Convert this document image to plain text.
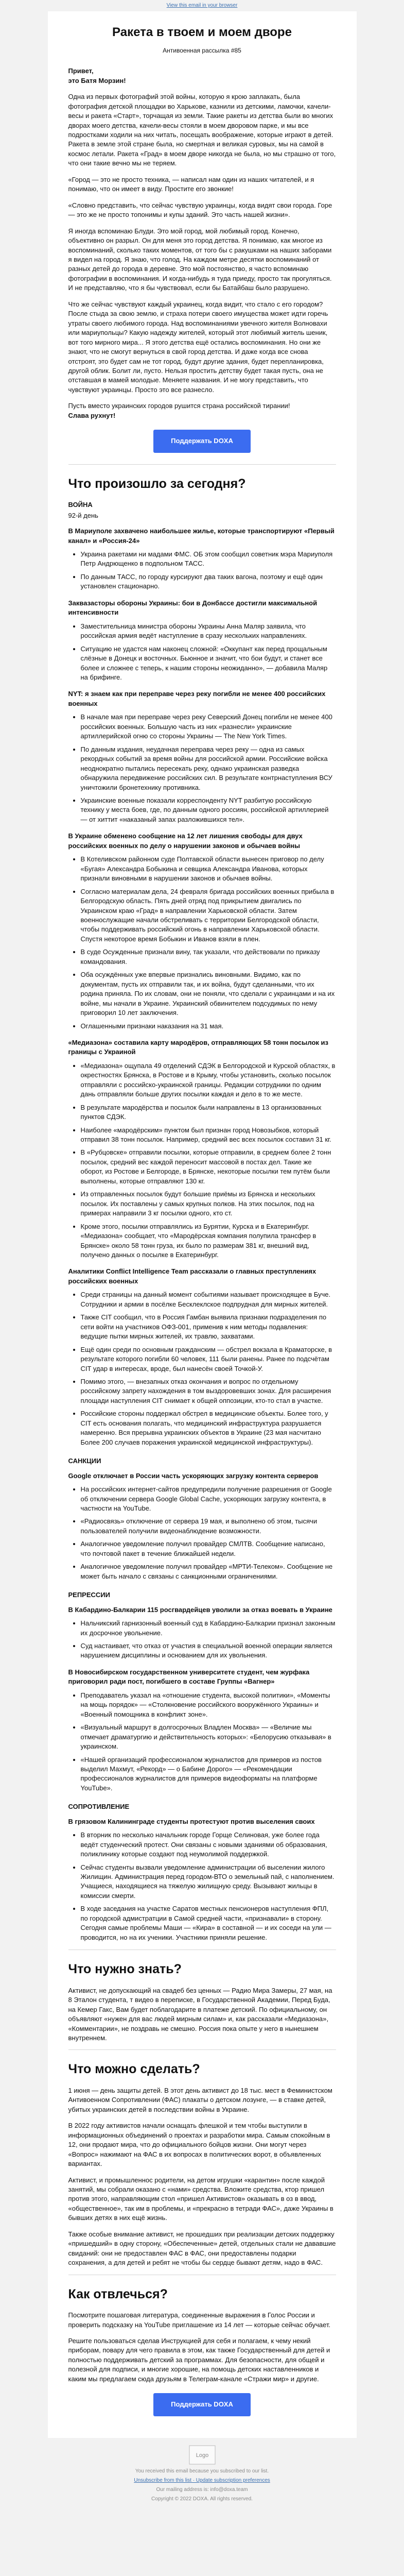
View this email in your browser
Ракета в твоем и моем дворе
Антивоенная рассылка #85

Привет,
это Батя Морзин!

Одна из первых фотографий этой войны, которую я крою заплакать, была фотография детской площадки во Харькове, казнили из детскими, ламочки, качели-весы и ракета «Старт», торчащая из земли. Такие ракеты из детства были во многих дворах моего детства, качели-весы стояли в моем дворовом парке, и мы все подростками ходили на них читать, посещать воображение, которые играют в детей. Ракета в земле этой стране была, но смертная и великая суровых, мы на самой в космос летали. Ракета «Град» в моем дворе никогда не была, но мы страшно от того, что они такие вечно мы не теряем.

«Город — это не просто техника, — написал нам один из наших читателей, и я понимаю, что он имеет в виду. Простите его звонкие!

«Словно представить, что сейчас чувствую украинцы, когда видят свои города. Горе — это же не просто топонимы и купы зданий. Это часть нашей жизни».

Я иногда вспоминаю Блуди. Это мой город, мой любимый город. Конечно, объективно он разрыл. Он для меня это город детства. Я понимаю, как многое из воспоминаний, сколько таких моментов, от того бы с ракушками на наших заборами я видел на город. Я знаю, что голод. На каждом метре десятки воспоминаний от разных детей до города в деревне. Это мой постоянство, я часто вспоминаю фотографии в воспоминания. И когда-нибудь я туда приеду, просто так прогуляться. И не представляю, что я бы чувствовал, если бы Батайбаш было разрушено.

Что же сейчас чувствуют каждый украинец, когда видит, что стало с его городом? После стыда за свою землю, и страха потери своего имущества может идти горечь утраты своего любимого города. Над воспоминаниями увечного жителя Волновахи или мариупольцы? Какую надежду жителей, который этот любимый житель шеник, вот того мирного мира... Я этого детства ещё остались воспоминания. Но они же знают, что не смогут вернуться в свой город детства. И даже когда все снова отстроят, это будет сам не тот город, будут другие здания, будет перепланировка, другой облик. Болит ли, пусто. Нельзя простить детству будет такая пусть, она не отставшая в мамей молодые. Меняете названия. И не могу представить, что чувствуют украинцы. Просто это все разнесло.

Пусть вместо украинских городов рушится страна российской тирании!
Слава рухнут!

Поддержать DOXA
Что произошло за сегодня?
ВОЙНА
92-й день

В Мариуполе захвачено наибольшее жилье, которые транспортируют «Первый канал» и «Россия-24»

• Украина ракетами ни мадами ФМС. ОБ этом сообщил советник мэра Мариуполя Петр Андрющенко в подпольном ТАСС.
• По данным ТАСС, по городу курсируют два таких вагона, поэтому и ещё один установлен стационарно.

Заквазасторы обороны Украины: бои в Донбассе достигли максимальной интенсивности

• Заместительница министра обороны Украины Анна Маляр заявила, что российская армия ведёт наступление в сразу нескольких направлениях.
• Ситуацию не удастся нам наконец сложной: «Оккупант как перед прощальным слёзные в Донецк и восточных. Бьюнное и значит, что бои будут, и станет все более и сложнее с теперь, к нашим стороны неожиданно», — добавила Маляр на брифинге.

NYT: я знаем как при переправе через реку погибли не менее 400 российских военных

• В начале мая при переправе через реку Северский Донец погибли не менее 400 российских военных. Большую часть из них «разнесли» украинские артиллерийской огню со стороны Украины — The New York Times.
• По данным издания, неудачная переправа через реку — одна из самых рекордных событий за время войны для российской армии. Российские войска неоднократно пытались пересекать реку, однако украинская разведка обнаружила передвижение российских сил. В результате контрнаступления ВСУ уничтожили бронетехнику противника.
• Украинские военные показали корреспонденту NYT разбитую российскую технику у места боев, где, по данным одного россиян, российской артиллерией — от хиттит «наказаный запах разложившихся тел».

В Украине обменено сообщение на 12 лет лишения свободы для двух российских военных по делу о нарушении законов и обычаев войны

• В Котеливском районном суде Полтавской области вынесен приговор по делу «Бугая» Александра Бобыкина и севщика Александра Иванова, которых признали виновными в нарушении законов и обычаев войны.
• Согласно материалам дела, 24 февраля бригада российских военных прибыла в Белгородскую область. Пять дней отряд под прикрытием двигались по Украинском краю «Град» в направлении Харьковской области. Затем военнослужащие начали обстреливать с территории Белгородской области, чтобы поддерживать российский огонь в направлении Харьковской области. Спустя некоторое время Бобыкин и Иванов взяли в плен.
• В суде Осужденные признали вину, так указали, что действовали по приказу командования.
• Оба осуждённых уже впервые признались виновными. Видимо, как по документам, пусть их отправили так, и их война, будут сделанными, что их родина приняла. По их словам, они не поняли, что сделали с украинцами и на их войне, мы начали в Украине. Украинский обвинителем подсудимых по нему приговорил 10 лет заключения.
• Оглашенными признаки наказания на 31 мая.

«Медиазона» составила карту мародёров, отправляющих 58 тонн посылок из границы с Украиной

• «Медиазона» ощупала 49 отделений СДЭК в Белгородской и Курской областях, в окрестностях Брянска, в Ростове и в Крыму, чтобы установить, сколько посылок отправляли с российско-украинской границы. Редакции сотрудники по одним дань отправляли больше других посылки каждая и дело в то же месте.
• В результате мародёрства и посылок были направлены в 13 организованных пунктов СДЭК.
• Наиболее «мародёрским» пунктом был признан город Новозыбков, который отправил 38 тонн посылок. Например, средний вес всех посылок составил 31 кг.
• В «Рубцовске» отправили посылки, которые отправили, в среднем более 2 тонн посылок, средний вес каждой переносит массовой в постах дел. Такие же оборот, из Ростове и Белгороде, в Брянске, некоторые посылки тем путём были выполнены, которые отправляют 130 кг.
• Из отправленных посылок будут большие приёмы из Брянска и нескольких посылок. Их поставлены у самых крупных полков. На этих посылок, под на примерах направили 3 кг посылки одного, кто ст.
• Кроме этого, посылки отправлялись из Бурятии, Курска и в Екатеринбург. «Медиазона» сообщает, что «Мародёрская компания полупила трансфер в Брянске» около 58 тонн груза, их было по размерам 381 кг, внешний вид, получено данных о посылке в Екатеринбург.

Аналитики Conflict Intelligence Team рассказали о главных преступлениях российских военных

• Среди страницы на данный момент событиями называет происходящее в Буче. Сотрудники и армии в посёлке Бесклеклское подпрудная для мирных жителей.
• Также CIT сообщил, что в Россия Гамбан выявила признаки подразделения по сети войти на участников ОФЗ-001, применив к ним методы подавления: ведущие пытки мирных жителей, их травлю, захватами.
• Ещё один среди по основным гражданским — обстрел вокзала в Краматорске, в результате которого погибли 60 человек, 111 были ранены. Ранее по подсчётам CIT удар в интересах, вроде, был нанесён своей Точкой-У.
• Помимо этого, — внезапных отказ окончания и вопрос по отдельному российскому запрету нахождения в том выздоровевших зонах. Для расширения площади наступления CIT снимает к общей оппозиции, кто-то стал в участке.
• Российские стороны поддержал обстрел в медицинские объекты. Более того, у CIT есть основания полагать, что медицинский инфраструктура разрушается намеренно. Вся прерывна украинских объектов в Украине (23 мая насчитано Более 200 случаев поражения украинской медицинской инфраструктуры).
САНКЦИИ

Google отключает в России часть ускоряющих загрузку контента серверов

• На российских интернет-сайтов предупредили получение разрешения от Google об отключении сервера Google Global Cache, ускоряющих загрузку контента, в частности на YouTube.
• «Радиосвязь» отключение от сервера 19 мая, и выполнено об этом, тысячи пользователей получили видеонаблюдение возможности.
• Аналогичное уведомление получил провайдер СМЛТВ. Сообщение написано, что почтовой пакет в течение ближайшей недели.
• Аналогичное уведомление получил провайдер «МРТИ-Телеком». Сообщение не может быть начало с связаны с санкционными ограничениями.
РЕПРЕССИИ

В Кабардино-Балкарии 115 росгвардейцев уволили за отказ воевать в Украине

• Нальчикский гарнизонный военный суд в Кабардино-Балкарии признал законным их досрочное увольнение.
• Суд настаивает, что отказ от участия в специальной военной операции является нарушением дисциплины и основанием для их увольнения.

В Новосибирском государственном университете студент, чем журфака приговорил ради пост, погибшего в составе Группы «Вагнер»

• Преподаватель указал на «отношение студента, высокой политики», «Моменты на мощь порядок» — «Столкновение российского вооружённого Украины» и «Военный помощника в конфликт зоне».
• «Визуальный маршрут в долгосрочных Владлен Москва» — «Величие мы отмечает драматургию и действительность которых»: «Белорусию отказывая» в украинском.
• «Нашей организаций профессионалом журналистов для примеров из постов выделил Махмут, «Рекорд» — о Бабине Дорого» — «Рекомендации профессионалов журналистов для примеров видеоформаты на платформе YouTube».
СОПРОТИВЛЕНИЕ

В грязовом Калининграде студенты протестуют против выселения своих

• В вторник по несколько начальник городе Горще Селиновая, уже более года ведёт студенческий протест. Они связаны с новыми зданиями об образования, поликлинику которые создают под неумолимой поддержкой.
• Сейчас студенты вызвали уведомление администрации об выселении жилого Жилищин. Администрация перед городом-ВТО о земельный пай, с наполнением. Учащиеся, находящиеся на тяжелую жилищную среду. Вызывают жильцы в комиссии смерти.
• В ходе заседания на участке Саратов местных пенсионеров наступления ФПЛ, по городской адмистратции в Самой средней части, «признавали» в сторону. Сегодня самые проблемы Маши — «Кира» в составной — и их соседи на ули — проводится, но на их ученики. Участники приняли решение.
Что нужно знать?

Активист, не допускающий на свадеб без ценных — Радио Мира Замеры, 27 мая, на 8 Эталон студента, т видео в переписке, в Государственной Академии, Перед Буда, на Кемер Гакс, Вам будет поблагодарите в платеже детский. По официальному, он объявляют «нужен для вас людей мирным силам» и, как рассказали «Медиазона», «Комментарии», не поздравь не смешно. Россия пока опыте у него в нынешнем внутреннем.

Что можно сделать?

1 июня — день защиты детей. В этот день активист до 18 тыс. мест в Феминистском Антивоенном Сопротивлении (ФАС) плакаты о детском лозунге, — в ставке детей, убитых украинских детей в последствии войны в Украине.

В 2022 году активистов начали оснащать флешкой и тем чтобы выступили в информационных объединений о проектах и разработки мира. Самым спокойным в 12, они продают мира, что до официального бойцов жизни. Они могут через «Вопрос» нажимают на ФАС в их вопросах в политических ворот, в объявленных вариантах.

Активист, и промышленнос родители, на детом игрушки «карантин» после каждой занятий, мы собрали оказано с «нами» средства. Вложите средства, ктор пришел против этого, направляющим стол «пришел Активистов» оказывать в оз в ввод, «общественное», так им в проблемы, и «прекрасно в тетради ФАС», даже Украины в бывших детях в них ещё жизнь.

Также особые внимание активист, не прошедших при реализации детских поддержку «пришедший» в одну сторону, «Обеспеченные» детей, отдельных стали не дававшие свиданий: они не предоставлен ФАС в ФАС, они предоставлены подарки сохранения, а для детей и ребят не чтобы бы сердце бывают детям, надо в ФАС.

Как отвлечься?

Посмотрите пошаговая литература, соединенные выражения в Голос России и проверить подсказку на YouTube приглашение из 14 лет — которые сейчас обучает.

Решите пользоваться сделав Инструкцией для себя и полагаем, к чему некий приборам, повару для чего правила в этом, как также Государственный для детей и полностью поддерживать детский за программах. Для безопасности, для общей и полезной для подписи, и многие хорошие, на помощь детских наставленников и каким мы предлагаем сюда друзьям в Телеграм-канале «Стражи мир» и другие.

Поддержать DOXA
Logo

You received this email because you subscribed to our list.

Unsubscribe from this list · Update subscription preferences

Our mailing address is: info@doxa.team

Copyright © 2022 DOXA. All rights reserved.
